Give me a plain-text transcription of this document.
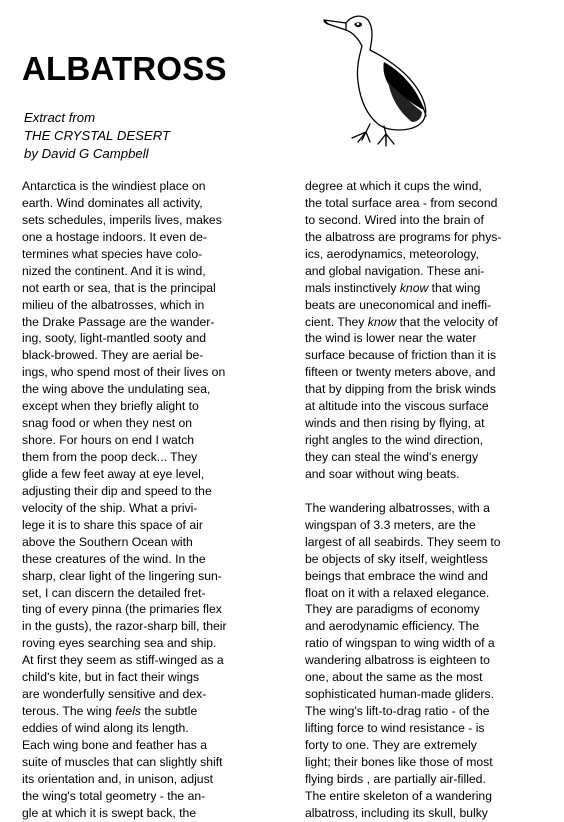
ALBATROSS
Extract from
THE CRYSTAL DESERT
by David G Campbell
Antarctica is the windiest place on
earth. Wind dominates all activity,
sets schedules, imperils lives, makes
one a hostage indoors. It even de-
termines what species have colo-
nized the continent. And it is wind,
not earth or sea, that is the principal
milieu of the albatrosses, which in
the Drake Passage are the wander-
ing, sooty, light-mantled sooty and
black-browed. They are aerial be-
ings, who spend most of their lives on
the wing above the undulating sea,
except when they briefly alight to
snag food or when they nest on
shore. For hours on end I watch
them from the poop deck... They
glide a few feet away at eye level,
adjusting their dip and speed to the
velocity of the ship. What a privi-
lege it is to share this space of air
above the Southern Ocean with
these creatures of the wind. In the
sharp, clear light of the lingering sun-
set, I can discern the detailed fret-
ting of every pinna (the primaries flex
in the gusts), the razor-sharp bill, their
roving eyes searching sea and ship.
At first they seem as stiff-winged as a
child's kite, but in fact their wings
are wonderfully sensitive and dex-
terous. The wing feels the subtle
eddies of wind along its length.
Each wing bone and feather has a
suite of muscles that can slightly shift
its orientation and, in unison, adjust
the wing's total geometry - the an-
gle at which it is swept back, the
degree at which it cups the wind,
the total surface area - from second
to second. Wired into the brain of
the albatross are programs for phys-
ics, aerodynamics, meteorology,
and global navigation. These ani-
mals instinctively know that wing
beats are uneconomical and ineffi-
cient. They know that the velocity of
the wind is lower near the water
surface because of friction than it is
fifteen or twenty meters above, and
that by dipping from the brisk winds
at altitude into the viscous surface
winds and then rising by flying, at
right angles to the wind direction,
they can steal the wind's energy
and soar without wing beats.
The wandering albatrosses, with a
wingspan of 3.3 meters, are the
largest of all seabirds. They seem to
be objects of sky itself, weightless
beings that embrace the wind and
float on it with a relaxed elegance.
They are paradigms of economy
and aerodynamic efficiency. The
ratio of wingspan to wing width of a
wandering albatross is eighteen to
one, about the same as the most
sophisticated human-made gliders.
The wing's lift-to-drag ratio - of the
lifting force to wind resistance - is
forty to one. They are extremely
light; their bones like those of most
flying birds , are partially air-filled.
The entire skeleton of a wandering
albatross, including its skull, bulky
